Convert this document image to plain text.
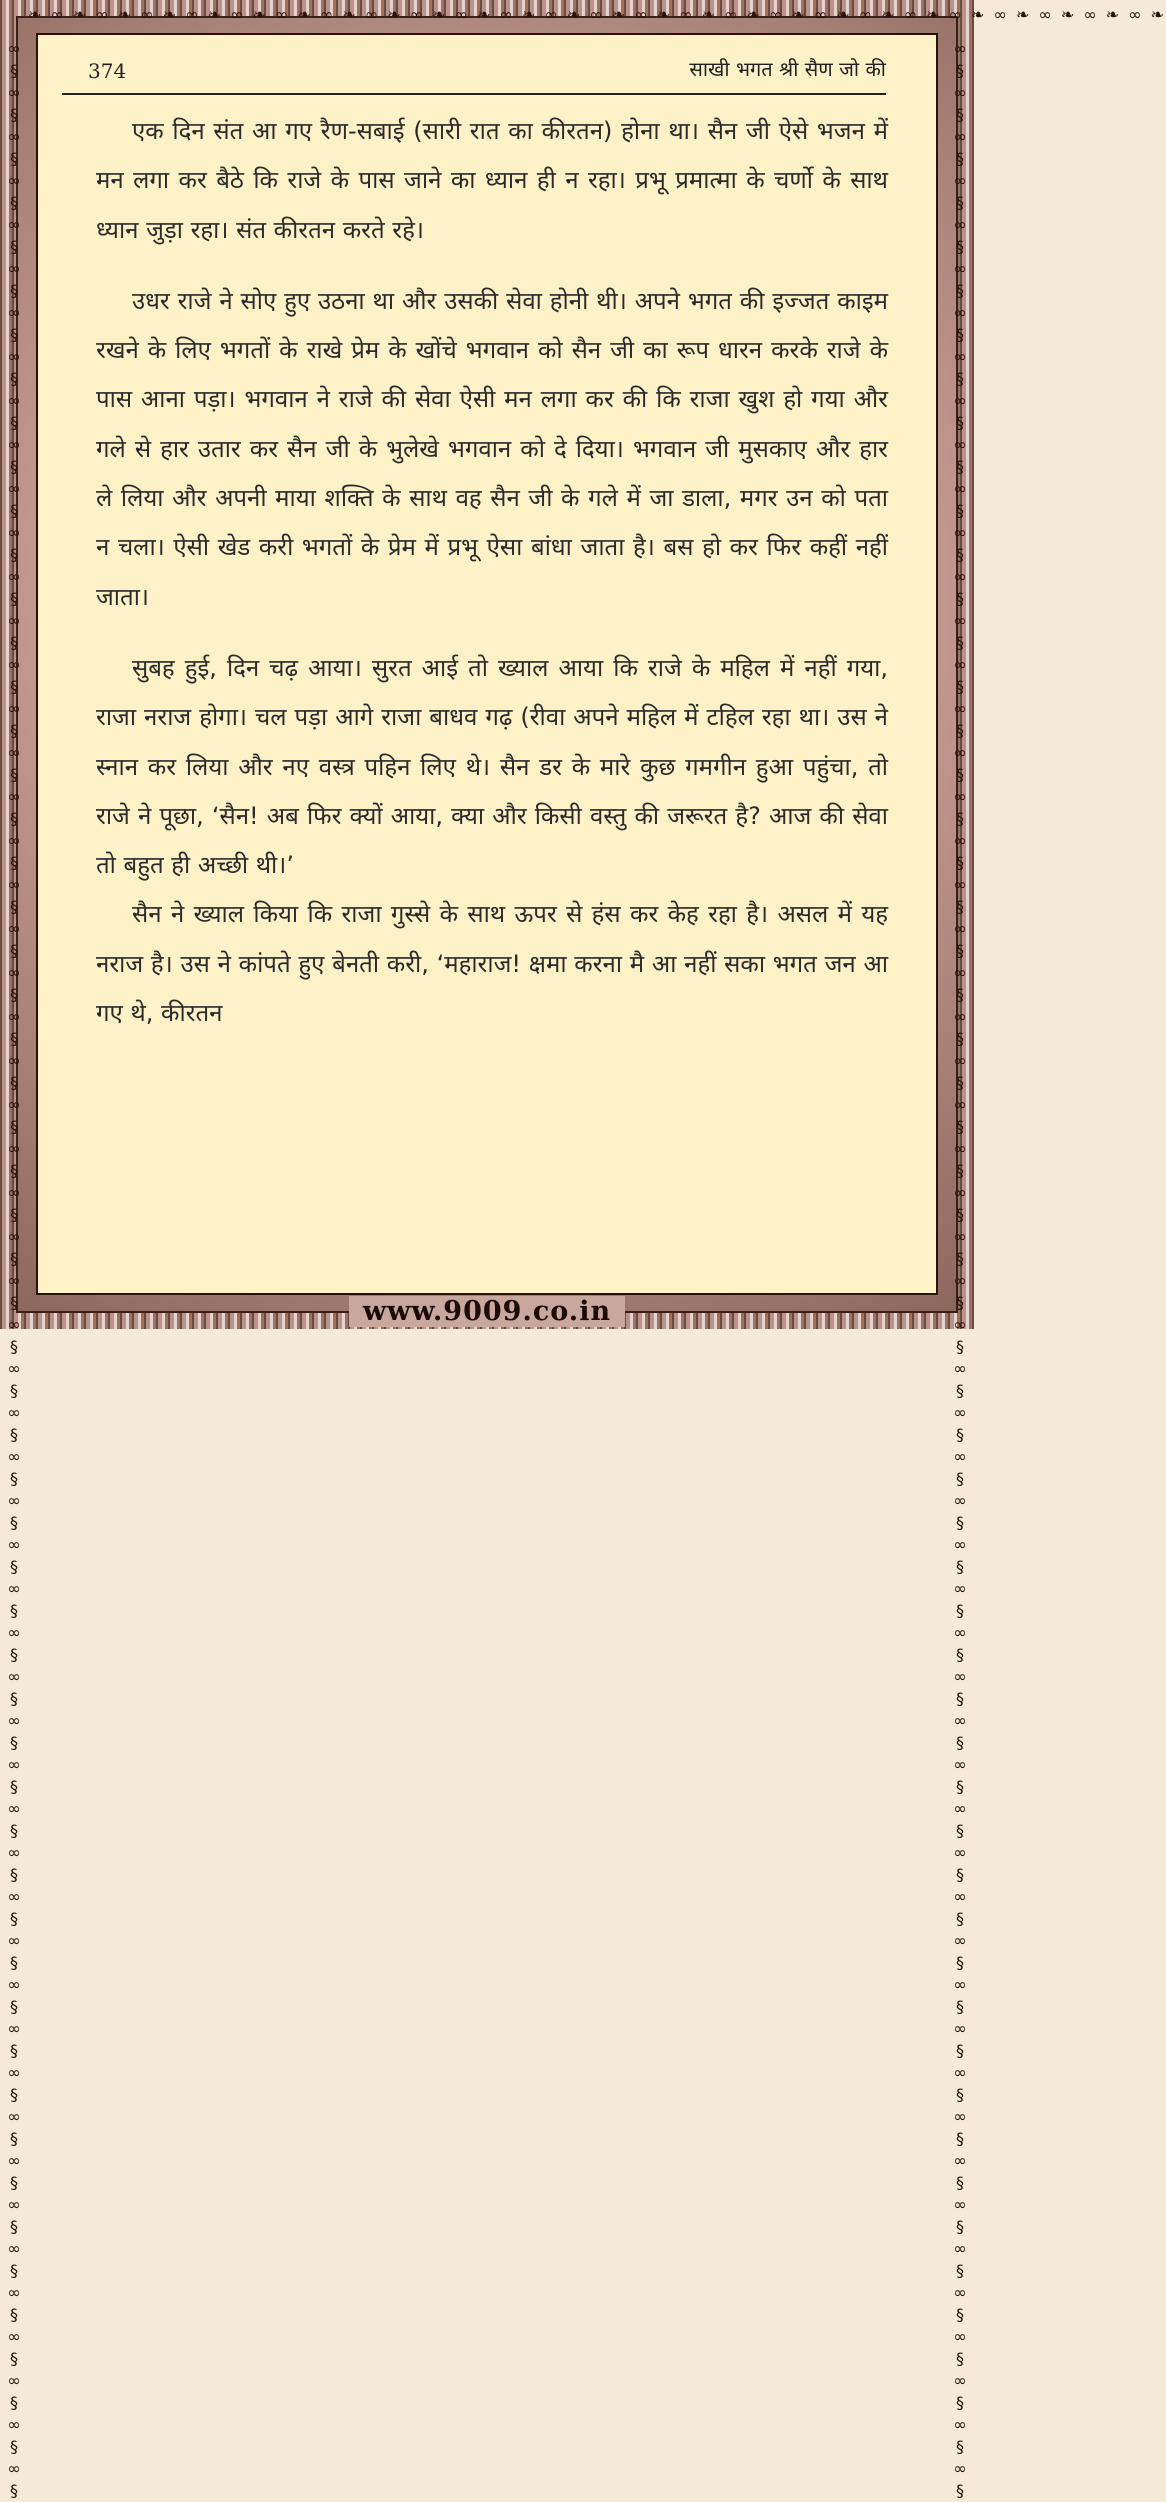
❧ ∞ ❧ ∞ ❧ ∞ ❧ ∞ ❧ ∞ ❧ ∞ ❧ ∞ ❧ ∞ ❧ ∞ ❧ ∞ ❧ ∞ ❧ ∞ ❧ ∞ ❧ ∞ ❧ ∞ ❧ ∞ ❧ ∞ ❧ ∞ ❧ ∞ ❧ ∞ ❧ ∞ ❧ ∞ ❧ ∞ ❧ ∞ ❧ ∞ ❧
∞§∞§∞§∞§∞§∞§∞§∞§∞§∞§∞§∞§∞§∞§∞§∞§∞§∞§∞§∞§∞§∞§∞§∞§∞§∞§∞§∞§∞§∞§∞§∞§∞§∞§∞§∞§∞§∞§∞§∞§∞§∞§∞§∞§∞§∞§∞§∞§∞§∞§∞§∞§∞§∞§∞§∞§
∞§∞§∞§∞§∞§∞§∞§∞§∞§∞§∞§∞§∞§∞§∞§∞§∞§∞§∞§∞§∞§∞§∞§∞§∞§∞§∞§∞§∞§∞§∞§∞§∞§∞§∞§∞§∞§∞§∞§∞§∞§∞§∞§∞§∞§∞§∞§∞§∞§∞§∞§∞§∞§∞§∞§∞§
374	साखी भगत श्री सैण जो की

एक दिन संत आ गए रैण-सबाई (सारी रात का कीरतन) होना था। सैन जी ऐसे भजन में मन लगा कर बैठे कि राजे के पास जाने का ध्यान ही न रहा। प्रभू प्रमात्मा के चर्णो के साथ ध्यान जुड़ा रहा। संत कीरतन करते रहे।

उधर राजे ने सोए हुए उठना था और उसकी सेवा होनी थी। अपने भगत की इज्जत काइम रखने के लिए भगतों के राखे प्रेम के खोंचे भगवान को सैन जी का रूप धारन करके राजे के पास आना पड़ा। भगवान ने राजे की सेवा ऐसी मन लगा कर की कि राजा खुश हो गया और गले से हार उतार कर सैन जी के भुलेखे भगवान को दे दिया। भगवान जी मुसकाए और हार ले लिया और अपनी माया शक्ति के साथ वह सैन जी के गले में जा डाला, मगर उन को पता न चला। ऐसी खेड करी भगतों के प्रेम में प्रभू ऐसा बांधा जाता है। बस हो कर फिर कहीं नहीं जाता।

सुबह हुई, दिन चढ़ आया। सुरत आई तो ख्याल आया कि राजे के महिल में नहीं गया, राजा नराज होगा। चल पड़ा आगे राजा बाधव गढ़ (रीवा अपने महिल में टहिल रहा था। उस ने स्नान कर लिया और नए वस्त्र पहिन लिए थे। सैन डर के मारे कुछ गमगीन हुआ पहुंचा, तो राजे ने पूछा, ‘सैन! अब फिर क्यों आया, क्या और किसी वस्तु की जरूरत है? आज की सेवा तो बहुत ही अच्छी थी।’

सैन ने ख्याल किया कि राजा गुस्से के साथ ऊपर से हंस कर केह रहा है। असल में यह नराज है। उस ने कांपते हुए बेनती करी, ‘महाराज! क्षमा करना मै आ नहीं सका भगत जन आ गए थे, कीरतन

www.9009.co.in
